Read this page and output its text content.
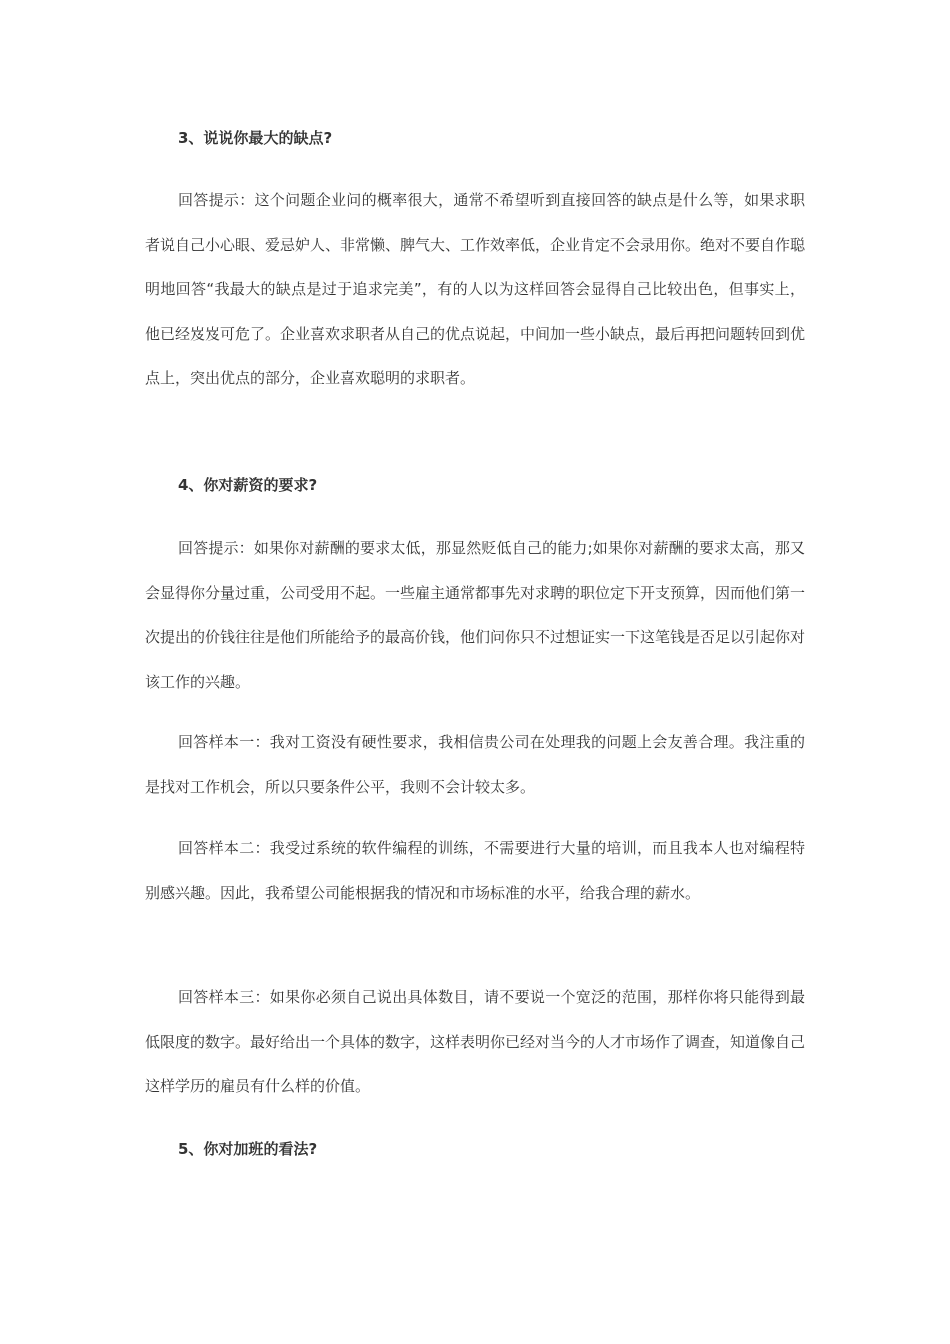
3、说说你最大的缺点?
回答提示：这个问题企业问的概率很大，通常不希望听到直接回答的缺点是什么等，如果求职者说自己小心眼、爱忌妒人、非常懒、脾气大、工作效率低，企业肯定不会录用你。绝对不要自作聪明地回答“我最大的缺点是过于追求完美”，有的人以为这样回答会显得自己比较出色，但事实上，他已经岌岌可危了。企业喜欢求职者从自己的优点说起，中间加一些小缺点，最后再把问题转回到优点上，突出优点的部分，企业喜欢聪明的求职者。
4、你对薪资的要求?
回答提示：如果你对薪酬的要求太低，那显然贬低自己的能力;如果你对薪酬的要求太高，那又会显得你分量过重，公司受用不起。一些雇主通常都事先对求聘的职位定下开支预算，因而他们第一次提出的价钱往往是他们所能给予的最高价钱，他们问你只不过想证实一下这笔钱是否足以引起你对该工作的兴趣。
回答样本一：我对工资没有硬性要求，我相信贵公司在处理我的问题上会友善合理。我注重的是找对工作机会，所以只要条件公平，我则不会计较太多。
回答样本二：我受过系统的软件编程的训练，不需要进行大量的培训，而且我本人也对编程特别感兴趣。因此，我希望公司能根据我的情况和市场标准的水平，给我合理的薪水。
回答样本三：如果你必须自己说出具体数目，请不要说一个宽泛的范围，那样你将只能得到最低限度的数字。最好给出一个具体的数字，这样表明你已经对当今的人才市场作了调查，知道像自己这样学历的雇员有什么样的价值。
5、你对加班的看法?
